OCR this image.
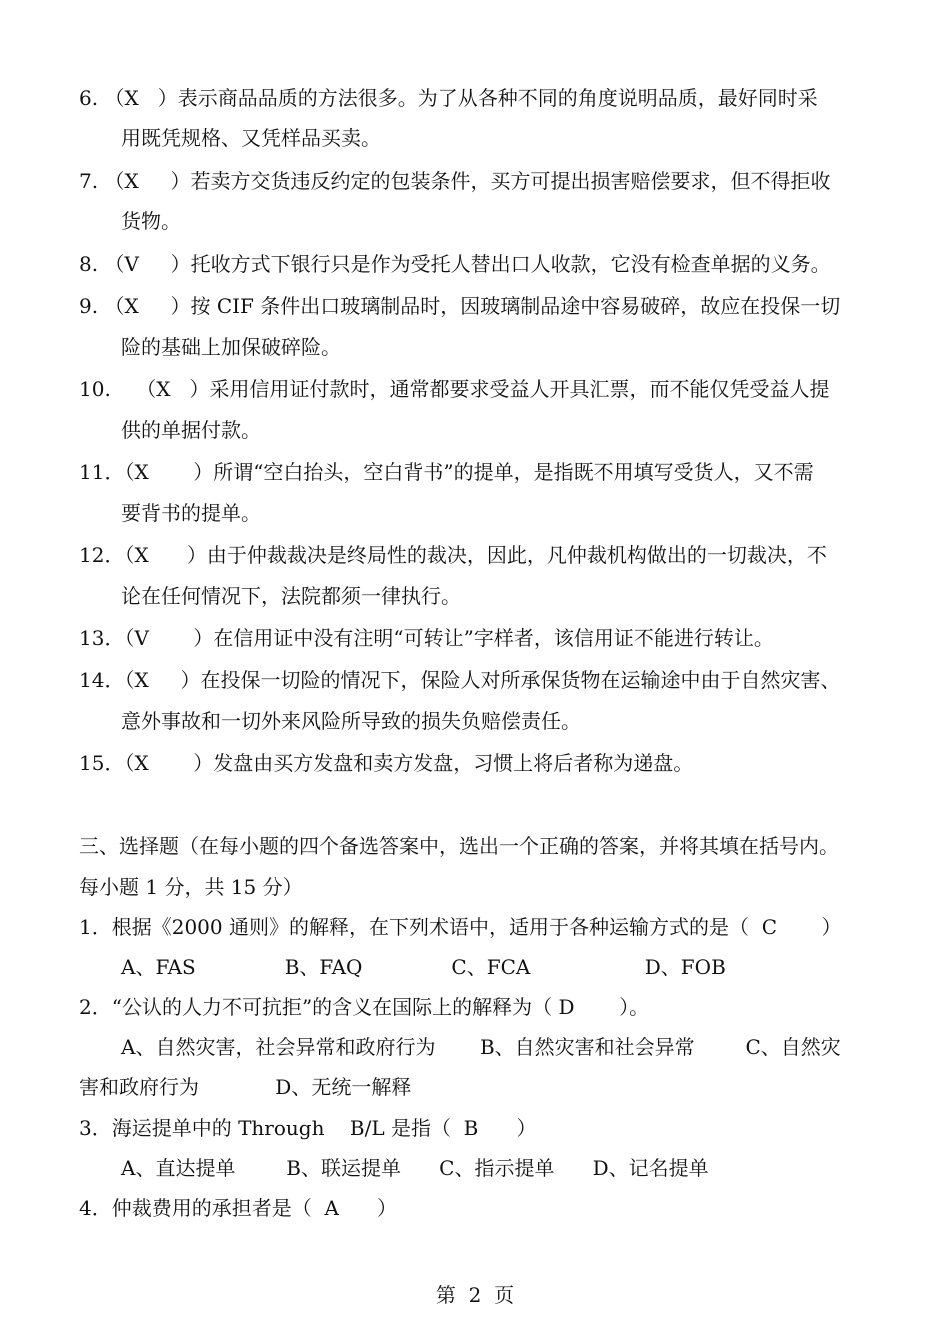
6. （X   ）表示商品品质的方法很多。为了从各种不同的角度说明品质，最好同时采
用既凭规格、又凭样品买卖。
7. （X     ）若卖方交货违反约定的包装条件，买方可提出损害赔偿要求，但不得拒收
货物。
8. （V     ）托收方式下银行只是作为受托人替出口人收款，它没有检查单据的义务。
9. （X     ）按 CIF 条件出口玻璃制品时，因玻璃制品途中容易破碎，故应在投保一切
险的基础上加保破碎险。
10.    （X   ）采用信用证付款时，通常都要求受益人开具汇票，而不能仅凭受益人提
供的单据付款。
11．（X       ）所谓“空白抬头，空白背书”的提单，是指既不用填写受货人，又不需
要背书的提单。
12．（X      ）由于仲裁裁决是终局性的裁决，因此，凡仲裁机构做出的一切裁决，不
论在任何情况下，法院都须一律执行。
13．（V       ）在信用证中没有注明“可转让”字样者，该信用证不能进行转让。
14．（X     ）在投保一切险的情况下，保险人对所承保货物在运输途中由于自然灾害、
意外事故和一切外来风险所导致的损失负赔偿责任。
15．（X       ）发盘由买方发盘和卖方发盘，习惯上将后者称为递盘。
三、选择题（在每小题的四个备选答案中，选出一个正确的答案，并将其填在括号内。
每小题 1 分，共 15 分）
1．根据《2000 通则》的解释，在下列术语中，适用于各种运输方式的是（  C       ）
A、FAS              B、FAQ              C、FCA                  D、FOB
2．“公认的人力不可抗拒”的含义在国际上的解释为（ D       ）。
A、自然灾害，社会异常和政府行为       B、自然灾害和社会异常        C、自然灾
害和政府行为            D、无统一解释
3．海运提单中的 Through    B/L 是指（  B      ）
A、直达提单        B、联运提单      C、指示提单      D、记名提单
4．仲裁费用的承担者是（  A      ）
第  2  页
